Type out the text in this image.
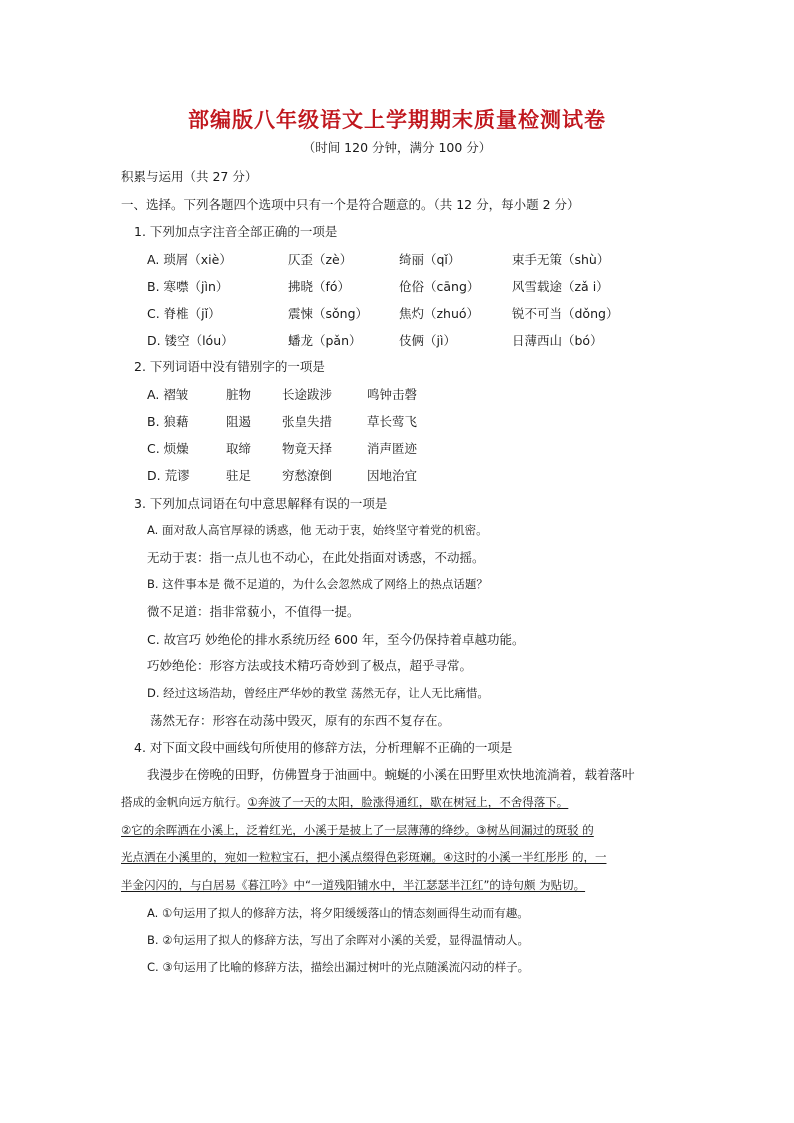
部编版八年级语文上学期期末质量检测试卷
（时间 120 分钟，满分 100 分）
积累与运用（共 27 分）
一、选择。下列各题四个选项中只有一个是符合题意的。（共 12 分，每小题 2 分）
1. 下列加点字注音全部正确的一项是
A. 琐屑（xiè）	仄歪（zè）	绮丽（qǐ）	束手无策（shù）
B. 寒噤（jìn）	拂晓（fó）	伧俗（cāng）	风雪载途（zǎ i）
C. 脊椎（jǐ）	震悚（sǒng） 焦灼（zhuó）	锐不可当（dǒng）
D. 镂空（lóu）	蟠龙（pǎn）	伎俩（jì）	日薄西山（bó）
2. 下列词语中没有错别字的一项是
A. 褶皱	脏物 长途跋涉	鸣钟击磬
B. 狼藉	阻遏 张皇失措	草长莺飞
C. 烦燥	取缔 物竟天择	消声匿迹
D. 荒谬	驻足 穷愁潦倒	因地治宜
3. 下列加点词语在句中意思解释有误的一项是
A. 面对敌人高官厚禄的诱惑，他 无动于衷，始终坚守着党的机密。
无动于衷：指一点儿也不动心，在此处指面对诱惑，不动摇。
B. 这件事本是 微不足道的，为什么会忽然成了网络上的热点话题？
微不足道：指非常藐小，不值得一提。
C. 故宫巧 妙绝伦的排水系统历经 600 年，至今仍保持着卓越功能。
巧妙绝伦：形容方法或技术精巧奇妙到了极点，超乎寻常。
D. 经过这场浩劫，曾经庄严华妙的教堂 荡然无存，让人无比痛惜。
荡然无存：形容在动荡中毁灭，原有的东西不复存在。
4. 对下面文段中画线句所使用的修辞方法，分析理解不正确的一项是
我漫步在傍晚的田野，仿佛置身于油画中。蜿蜒的小溪在田野里欢快地流淌着，载着落叶
搭成的金帆向远方航行。①奔波了一天的太阳，脸涨得通红，歇在树冠上，不舍得落下。
②它的余晖洒在小溪上，泛着红光，小溪于是披上了一层薄薄的绛纱。③树丛间漏过的斑驳 的
光点洒在小溪里的，宛如一粒粒宝石，把小溪点缀得色彩斑斓。④这时的小溪一半红彤彤 的，一
半金闪闪的，与白居易《暮江吟》中“一道残阳铺水中，半江瑟瑟半江红”的诗句颇 为贴切。
A. ①句运用了拟人的修辞方法，将夕阳缓缓落山的情态刻画得生动而有趣。
B. ②句运用了拟人的修辞方法，写出了余晖对小溪的关爱，显得温情动人。
C. ③句运用了比喻的修辞方法，描绘出漏过树叶的光点随溪流闪动的样子。
